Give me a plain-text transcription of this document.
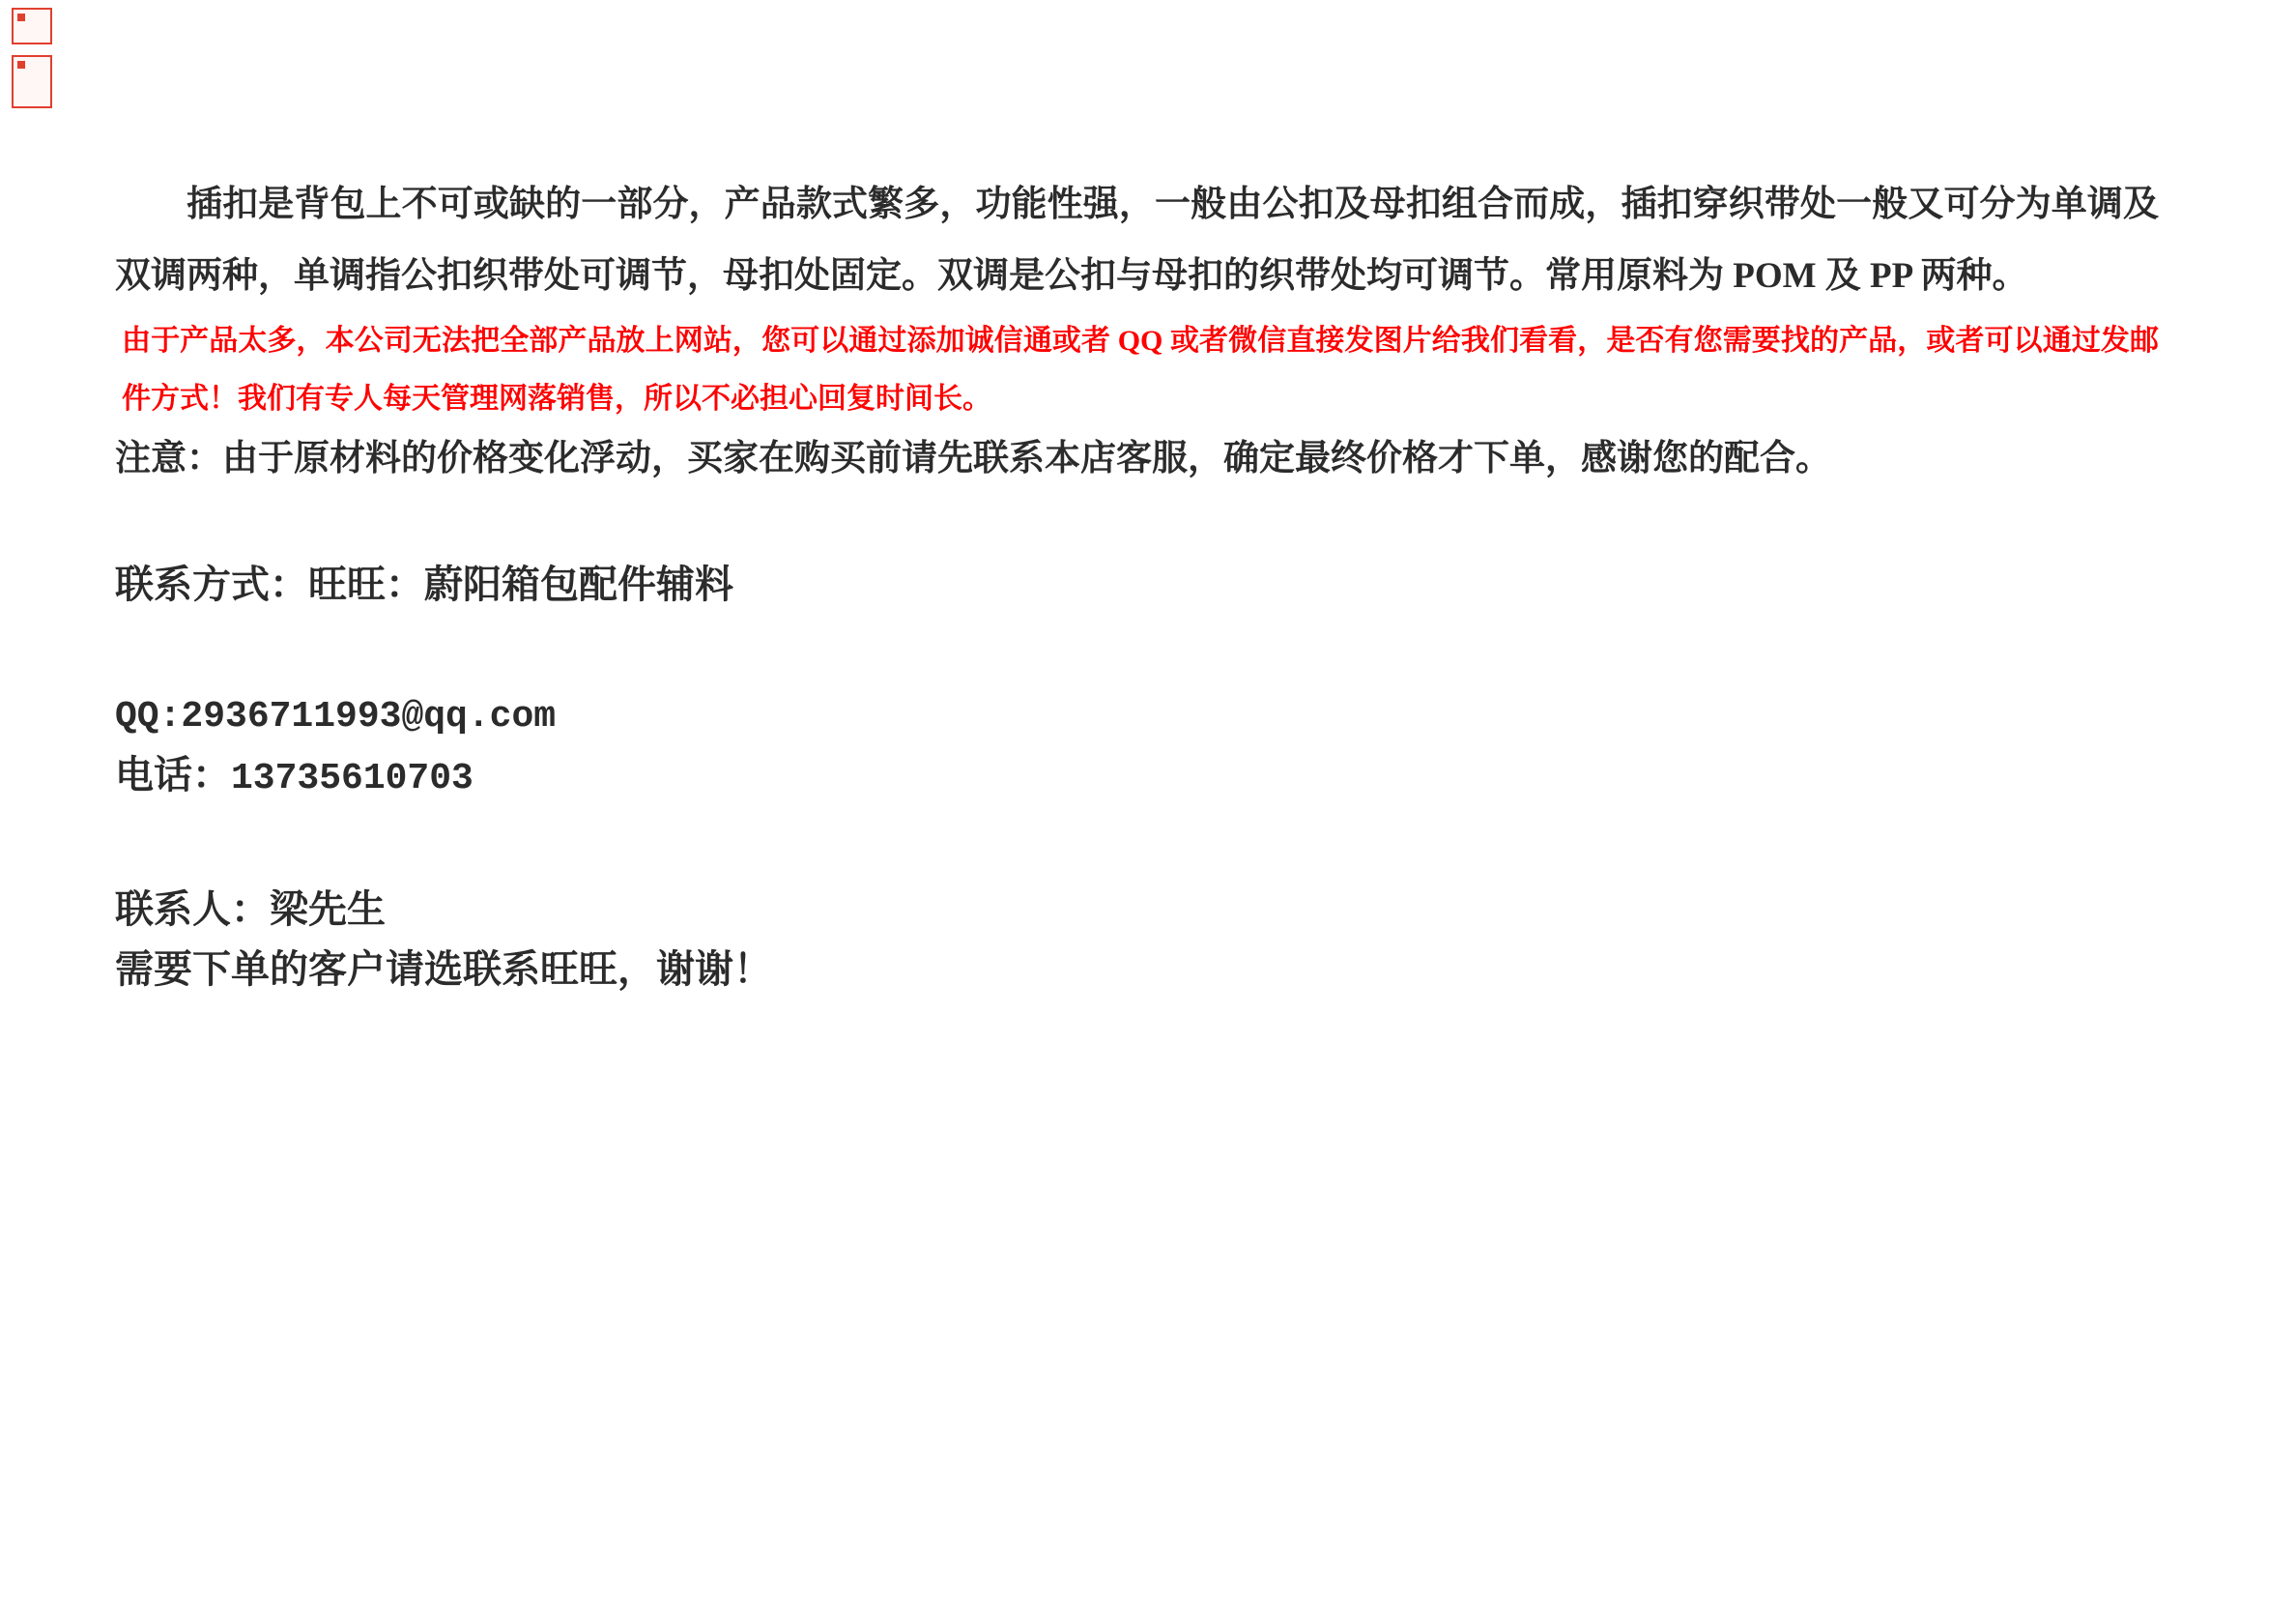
插扣是背包上不可或缺的一部分，产品款式繁多，功能性强，一般由公扣及母扣组合而成，插扣穿织带处一般又可分为单调及双调两种，单调指公扣织带处可调节，母扣处固定。双调是公扣与母扣的织带处均可调节。常用原料为 POM 及 PP 两种。

由于产品太多，本公司无法把全部产品放上网站，您可以通过添加诚信通或者 QQ 或者微信直接发图片给我们看看，是否有您需要找的产品，或者可以通过发邮件方式！我们有专人每天管理网落销售，所以不必担心回复时间长。

注意：由于原材料的价格变化浮动，买家在购买前请先联系本店客服，确定最终价格才下单，感谢您的配合。

联系方式：旺旺：蔚阳箱包配件辅料

QQ:2936711993@qq.com

电话：13735610703

联系人：梁先生

需要下单的客户请选联系旺旺，谢谢！
